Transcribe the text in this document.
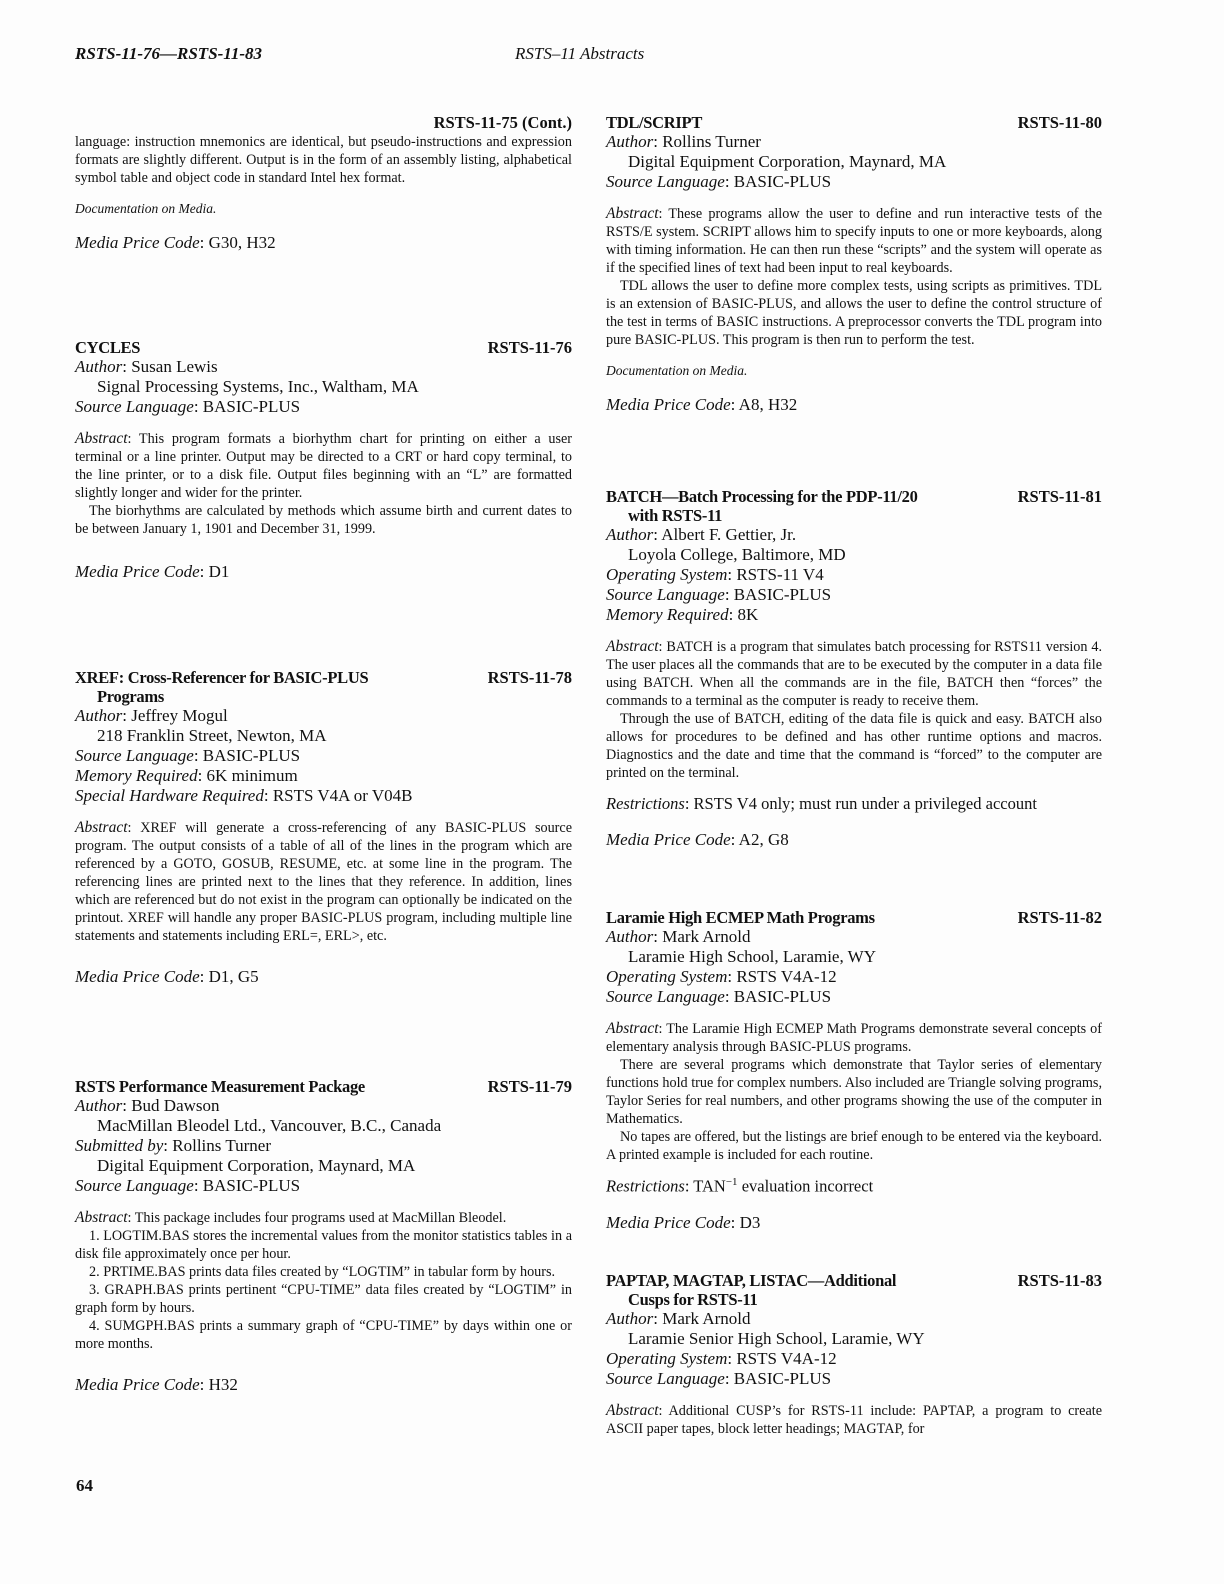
RSTS-11-76—RSTS-11-83	RSTS–11 Abstracts
RSTS-11-75 (Cont.)
language: instruction mnemonics are identical, but pseudo-instructions and expression formats are slightly different. Output is in the form of an assembly listing, alphabetical symbol table and object code in standard Intel hex format.
Documentation on Media.
Media Price Code: G30, H32
CYCLES	RSTS-11-76
Author: Susan Lewis
Signal Processing Systems, Inc., Waltham, MA
Source Language: BASIC-PLUS
Abstract: This program formats a biorhythm chart for printing on either a user terminal or a line printer. Output may be directed to a CRT or hard copy terminal, to the line printer, or to a disk file. Output files beginning with an “L” are formatted slightly longer and wider for the printer.
The biorhythms are calculated by methods which assume birth and current dates to be between January 1, 1901 and December 31, 1999.
Media Price Code: D1
XREF: Cross-Referencer for BASIC-PLUS
Programs
RSTS-11-78
Author: Jeffrey Mogul
218 Franklin Street, Newton, MA
Source Language: BASIC-PLUS
Memory Required: 6K minimum
Special Hardware Required: RSTS V4A or V04B
Abstract: XREF will generate a cross-referencing of any BASIC-PLUS source program. The output consists of a table of all of the lines in the program which are referenced by a GOTO, GOSUB, RESUME, etc. at some line in the program. The referencing lines are printed next to the lines that they reference. In addition, lines which are referenced but do not exist in the program can optionally be indicated on the printout. XREF will handle any proper BASIC-PLUS program, including multiple line statements and statements including ERL=, ERL>, etc.
Media Price Code: D1, G5
RSTS Performance Measurement Package	RSTS-11-79
Author: Bud Dawson
MacMillan Bleodel Ltd., Vancouver, B.C., Canada
Submitted by: Rollins Turner
Digital Equipment Corporation, Maynard, MA
Source Language: BASIC-PLUS
Abstract: This package includes four programs used at MacMillan Bleodel.
1. LOGTIM.BAS stores the incremental values from the monitor statistics tables in a disk file approximately once per hour.
2. PRTIME.BAS prints data files created by “LOGTIM” in tabular form by hours.
3. GRAPH.BAS prints pertinent “CPU-TIME” data files created by “LOGTIM” in graph form by hours.
4. SUMGPH.BAS prints a summary graph of “CPU-TIME” by days within one or more months.
Media Price Code: H32
TDL/SCRIPT	RSTS-11-80
Author: Rollins Turner
Digital Equipment Corporation, Maynard, MA
Source Language: BASIC-PLUS
Abstract: These programs allow the user to define and run interactive tests of the RSTS/E system. SCRIPT allows him to specify inputs to one or more keyboards, along with timing information. He can then run these “scripts” and the system will operate as if the specified lines of text had been input to real keyboards.
TDL allows the user to define more complex tests, using scripts as primitives. TDL is an extension of BASIC-PLUS, and allows the user to define the control structure of the test in terms of BASIC instructions. A preprocessor converts the TDL program into pure BASIC-PLUS. This program is then run to perform the test.
Documentation on Media.
Media Price Code: A8, H32
BATCH—Batch Processing for the PDP-11/20
with RSTS-11
RSTS-11-81
Author: Albert F. Gettier, Jr.
Loyola College, Baltimore, MD
Operating System: RSTS-11 V4
Source Language: BASIC-PLUS
Memory Required: 8K
Abstract: BATCH is a program that simulates batch processing for RSTS11 version 4. The user places all the commands that are to be executed by the computer in a data file using BATCH. When all the commands are in the file, BATCH then “forces” the commands to a terminal as the computer is ready to receive them.
Through the use of BATCH, editing of the data file is quick and easy. BATCH also allows for procedures to be defined and has other runtime options and macros. Diagnostics and the date and time that the command is “forced” to the computer are printed on the terminal.
Restrictions: RSTS V4 only; must run under a privileged account
Media Price Code: A2, G8
Laramie High ECMEP Math Programs	RSTS-11-82
Author: Mark Arnold
Laramie High School, Laramie, WY
Operating System: RSTS V4A-12
Source Language: BASIC-PLUS
Abstract: The Laramie High ECMEP Math Programs demonstrate several concepts of elementary analysis through BASIC-PLUS programs.
There are several programs which demonstrate that Taylor series of elementary functions hold true for complex numbers. Also included are Triangle solving programs, Taylor Series for real numbers, and other programs showing the use of the computer in Mathematics.
No tapes are offered, but the listings are brief enough to be entered via the keyboard. A printed example is included for each routine.
Restrictions: $TAN^{-1}$ evaluation incorrect
Media Price Code: D3
PAPTAP, MAGTAP, LISTAC—Additional
Cusps for RSTS-11
RSTS-11-83
Author: Mark Arnold
Laramie Senior High School, Laramie, WY
Operating System: RSTS V4A-12
Source Language: BASIC-PLUS
Abstract: Additional CUSP’s for RSTS-11 include: PAPTAP, a program to create ASCII paper tapes, block letter headings; MAGTAP, for
64
